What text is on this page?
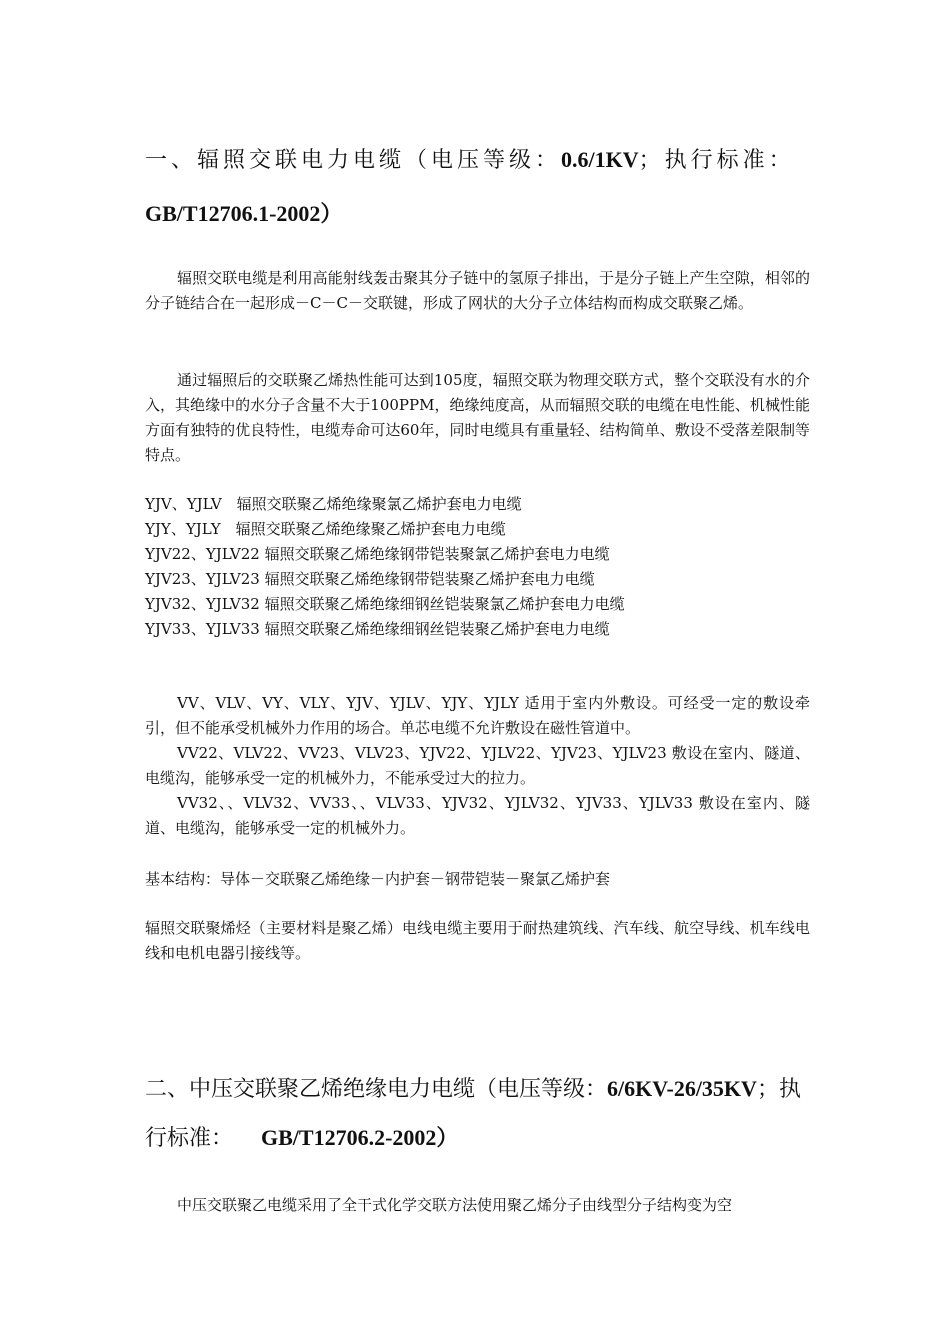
一、辐照交联电力电缆（电压等级：0.6/1KV；执行标准：
GB/T12706.1-2002）
辐照交联电缆是利用高能射线轰击聚其分子链中的氢原子排出，于是分子链上产生空隙，相邻的分子链结合在一起形成－C－C－交联键，形成了网状的大分子立体结构而构成交联聚乙烯。
通过辐照后的交联聚乙烯热性能可达到105度，辐照交联为物理交联方式，整个交联没有水的介入，其绝缘中的水分子含量不大于100PPM，绝缘纯度高，从而辐照交联的电缆在电性能、机械性能方面有独特的优良特性，电缆寿命可达60年，同时电缆具有重量轻、结构简单、敷设不受落差限制等特点。
YJV、YJLV　辐照交联聚乙烯绝缘聚氯乙烯护套电力电缆
YJY、YJLY　辐照交联聚乙烯绝缘聚乙烯护套电力电缆
YJV22、YJLV22 辐照交联聚乙烯绝缘钢带铠装聚氯乙烯护套电力电缆
YJV23、YJLV23 辐照交联聚乙烯绝缘钢带铠装聚乙烯护套电力电缆
YJV32、YJLV32 辐照交联聚乙烯绝缘细钢丝铠装聚氯乙烯护套电力电缆
YJV33、YJLV33 辐照交联聚乙烯绝缘细钢丝铠装聚乙烯护套电力电缆
VV、VLV、VY、VLY、YJV、YJLV、YJY、YJLY 适用于室内外敷设。可经受一定的敷设牵引，但不能承受机械外力作用的场合。单芯电缆不允许敷设在磁性管道中。
VV22、VLV22、VV23、VLV23、YJV22、YJLV22、YJV23、YJLV23 敷设在室内、隧道、电缆沟，能够承受一定的机械外力，不能承受过大的拉力。
VV32、、VLV32、VV33、、VLV33、YJV32、YJLV32、YJV33、YJLV33 敷设在室内、隧道、电缆沟，能够承受一定的机械外力。
基本结构：导体－交联聚乙烯绝缘－内护套－钢带铠装－聚氯乙烯护套
辐照交联聚烯烃（主要材料是聚乙烯）电线电缆主要用于耐热建筑线、汽车线、航空导线、机车线电线和电机电器引接线等。
二、中压交联聚乙烯绝缘电力电缆（电压等级：6/6KV-26/35KV；执
行标准： GB/T12706.2-2002）
中压交联聚乙电缆采用了全干式化学交联方法使用聚乙烯分子由线型分子结构变为空
